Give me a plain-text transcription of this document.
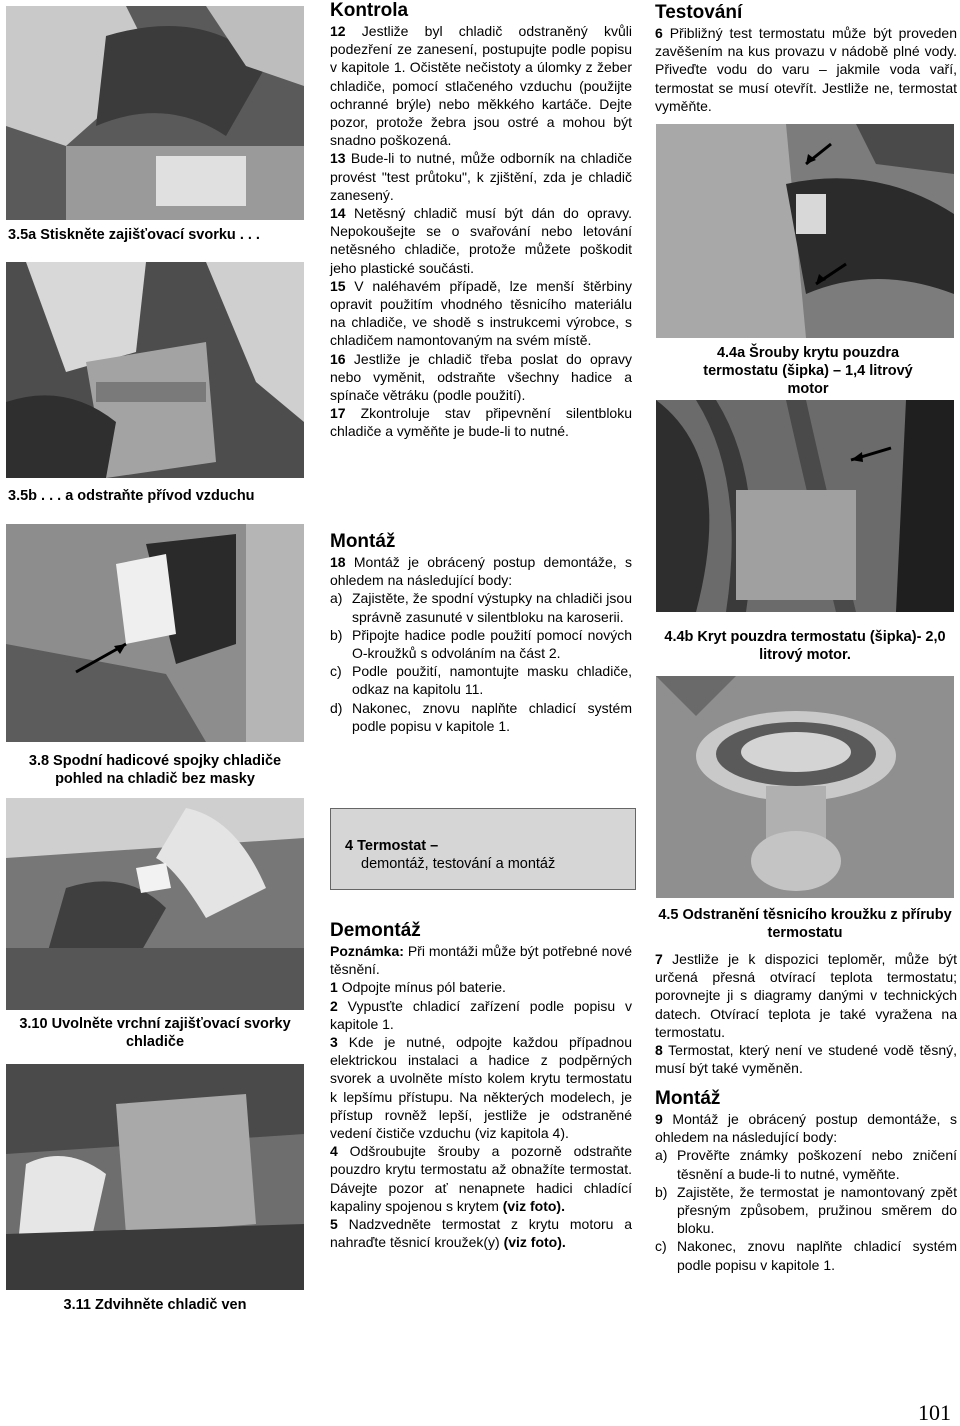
3.5a Stiskněte zajišťovací svorku . . .
3.5b . . . a odstraňte přívod vzduchu
3.8 Spodní hadicové spojky chladiče pohled na chladič bez masky
3.10 Uvolněte vrchní zajišťovací svorky chladiče
3.11 Zdvihněte chladič ven
Kontrola

12 Jestliže byl chladič odstraněný kvůli podezření ze zanesení, postupujte podle popisu v kapitole 1. Očistěte nečistoty a úlomky z žeber chladiče, pomocí stlačeného vzduchu (použijte ochranné brýle) nebo měkkého kartáče. Dejte pozor, protože žebra jsou ostré a mohou být snadno poškozená.

13 Bude-li to nutné, může odborník na chladiče provést "test průtoku", k zjištění, zda je chladič zanesený.

14 Netěsný chladič musí být dán do opravy. Nepokoušejte se o svařování nebo letování netěsného chladiče, protože můžete poškodit jeho plastické součásti.

15 V naléhavém případě, lze menší štěrbiny opravit použitím vhodného těsnicího materiálu na chladiče, ve shodě s instrukcemi výrobce, s chladičem namontovaným na svém místě.

16 Jestliže je chladič třeba poslat do opravy nebo vyměnit, odstraňte všechny hadice a spínače větráku (podle použití).

17 Zkontroluje stav připevnění silentbloku chladiče a vyměňte je bude-li to nutné.

Montáž

18 Montáž je obrácený postup demontáže, s ohledem na následující body:

a) Zajistěte, že spodní výstupky na chladiči jsou správně zasunuté v silentbloku na karoserii.
b) Připojte hadice podle použití pomocí nových O-kroužků s odvoláním na část 2.
c) Podle použití, namontujte masku chladiče, odkaz na kapitolu 11.
d) Nakonec, znovu naplňte chladicí systém podle popisu v kapitole 1.
4 Termostat –
demontáž, testování a montáž
Demontáž

Poznámka: Při montáži může být potřebné nové těsnění.

1 Odpojte mínus pól baterie.

2 Vypusťte chladicí zařízení podle popisu v kapitole 1.

3 Kde je nutné, odpojte každou případnou elektrickou instalaci a hadice z podpěrných svorek a uvolněte místo kolem krytu termostatu k lepšímu přístupu. Na některých modelech, je přístup rovněž lepší, jestliže je odstraněné vedení čističe vzduchu (viz kapitola 4).

4 Odšroubujte šrouby a pozorně odstraňte pouzdro krytu termostatu až obnažíte termostat. Dávejte pozor ať nenapnete hadici chladící kapaliny spojenou s krytem (viz foto).

5 Nadzvedněte termostat z krytu motoru a nahraďte těsnicí kroužek(y) (viz foto).

Testování

6 Přibližný test termostatu může být proveden zavěšením na kus provazu v nádobě plné vody. Přiveďte vodu do varu – jakmile voda vaří, termostat se musí otevřít. Jestliže ne, termostat vyměňte.

4.4a Šrouby krytu pouzdra termostatu (šipka) – 1,4 litrový motor
4.4b Kryt pouzdra termostatu (šipka)- 2,0 litrový motor.
4.5 Odstranění těsnicího kroužku z příruby termostatu

7 Jestliže je k dispozici teploměr, může být určená přesná otvírací teplota termostatu; porovnejte ji s diagramy danými v technických datech. Otvírací teplota je také vyražena na termostatu.

8 Termostat, který není ve studené vodě těsný, musí být také vyměněn.

Montáž

9 Montáž je obrácený postup demontáže, s ohledem na následující body:

a) Prověřte známky poškození nebo zničení těsnění a bude-li to nutné, vyměňte.
b) Zajistěte, že termostat je namontovaný zpět přesným způsobem, pružinou směrem do bloku.
c) Nakonec, znovu naplňte chladicí systém podle popisu v kapitole 1.
101
